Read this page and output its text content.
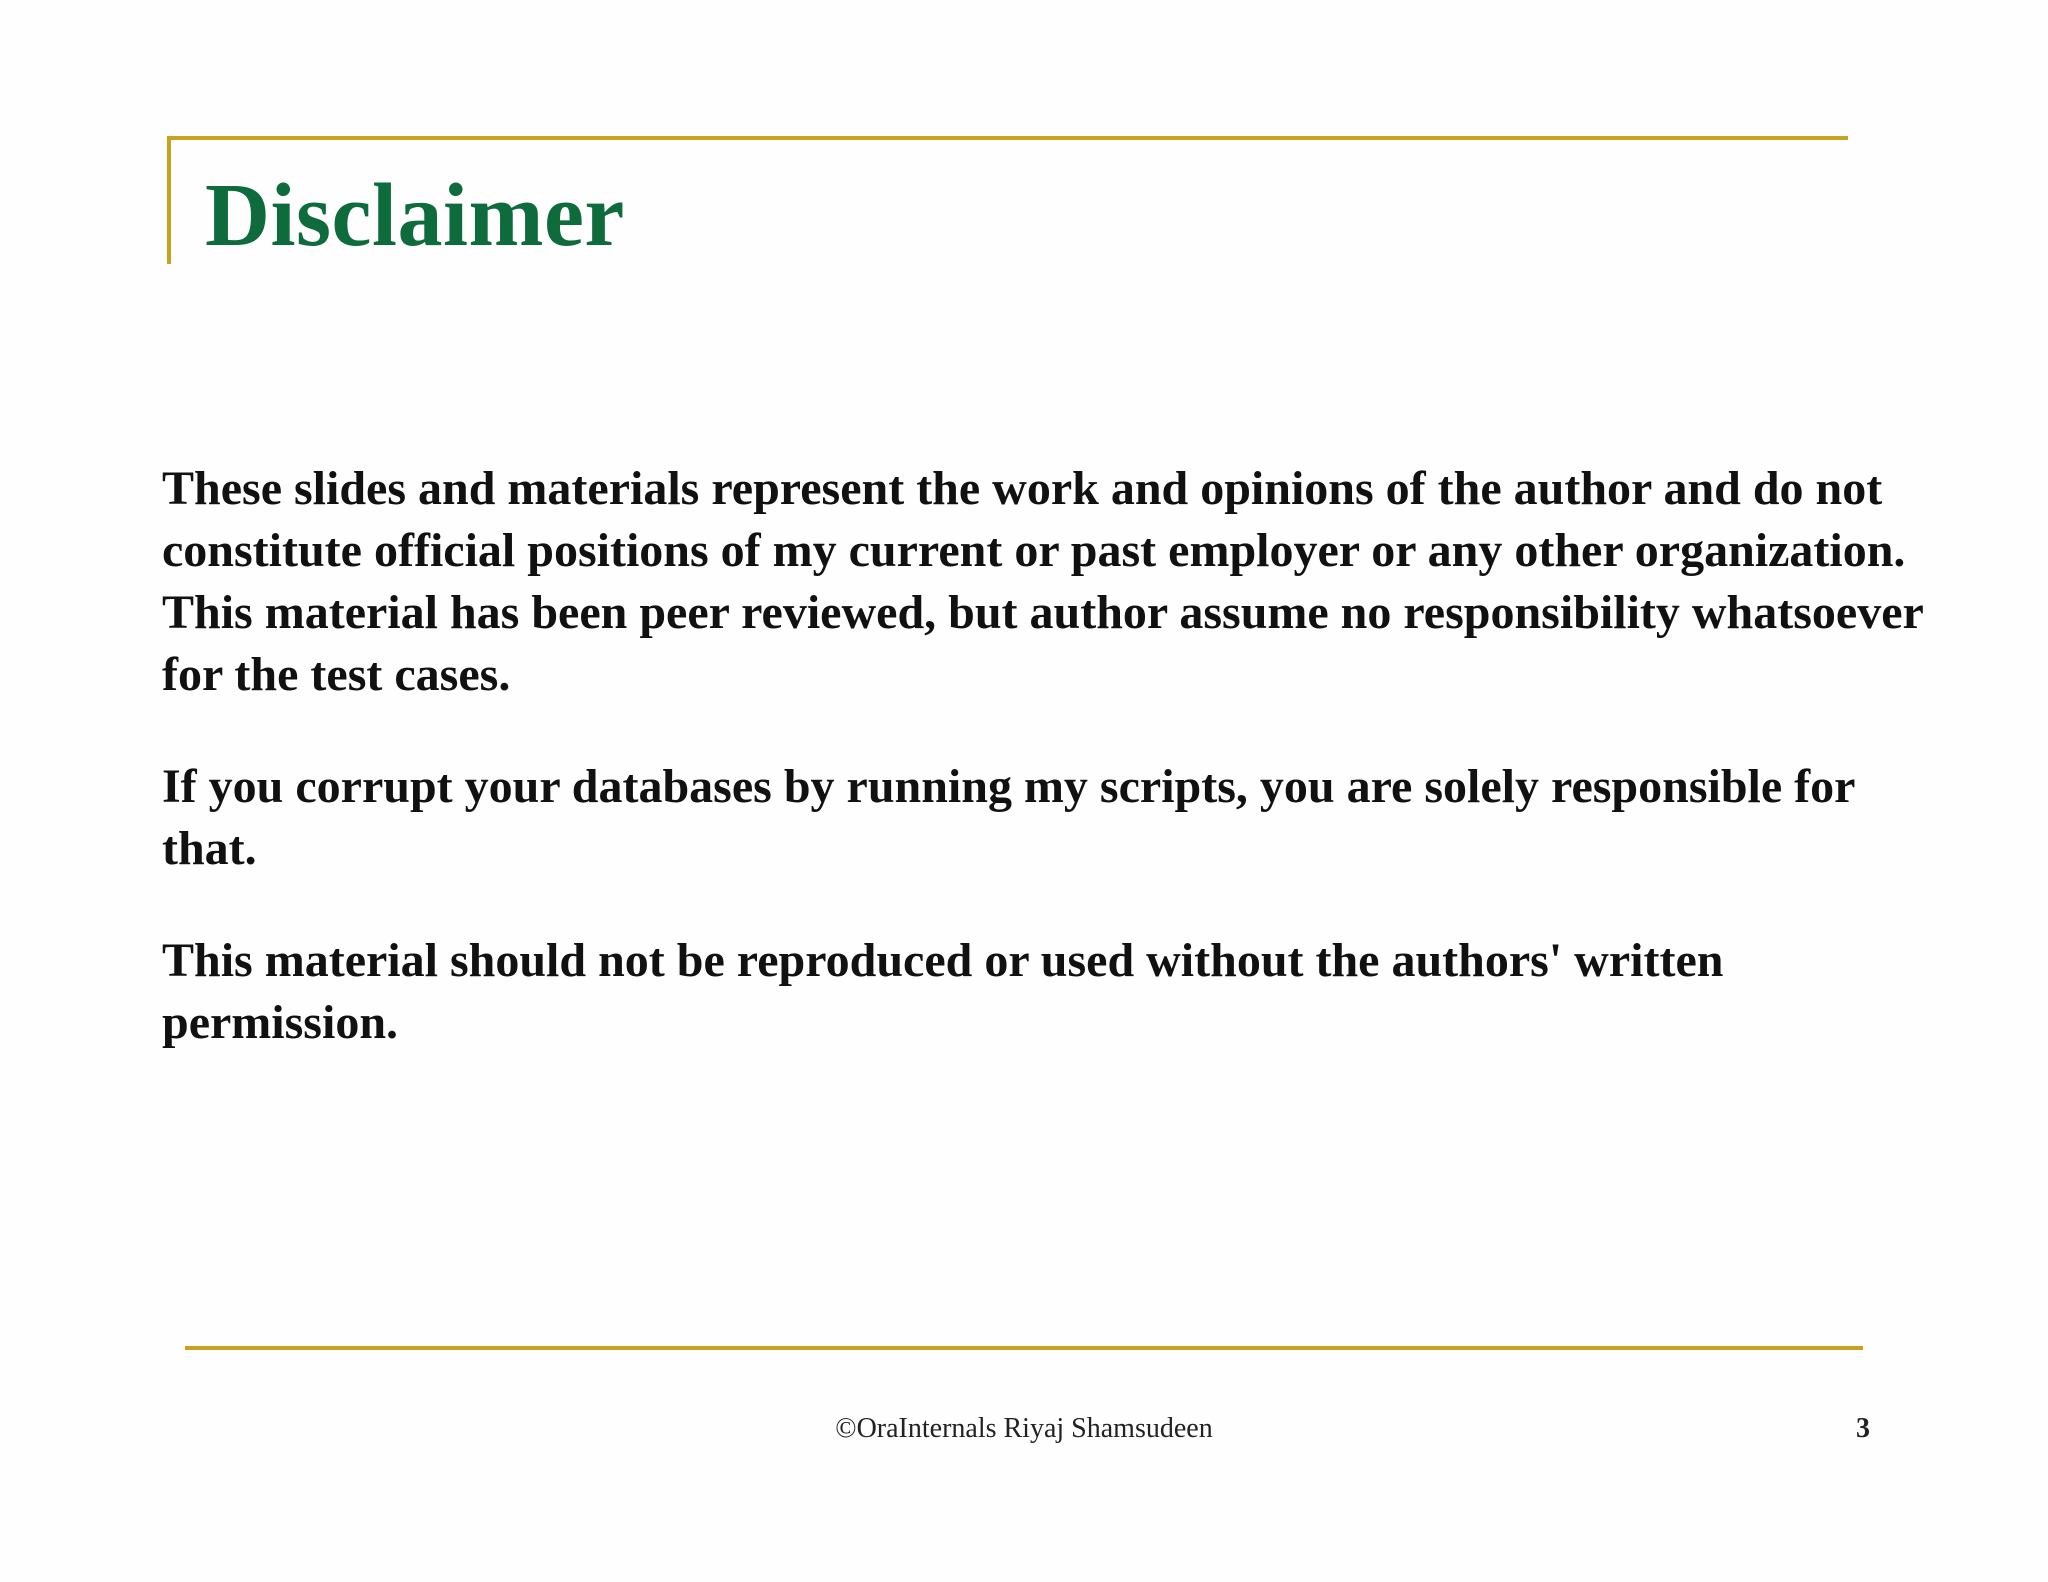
Disclaimer

These slides and materials represent the work and opinions of the author and do not constitute official positions of my current or past employer or any other organization. This material has been peer reviewed, but author assume no responsibility whatsoever for the test cases.

If you corrupt your databases by running my scripts, you are solely responsible for that.

This material should not be reproduced or used without the authors' written permission.

©OraInternals Riyaj Shamsudeen	3
